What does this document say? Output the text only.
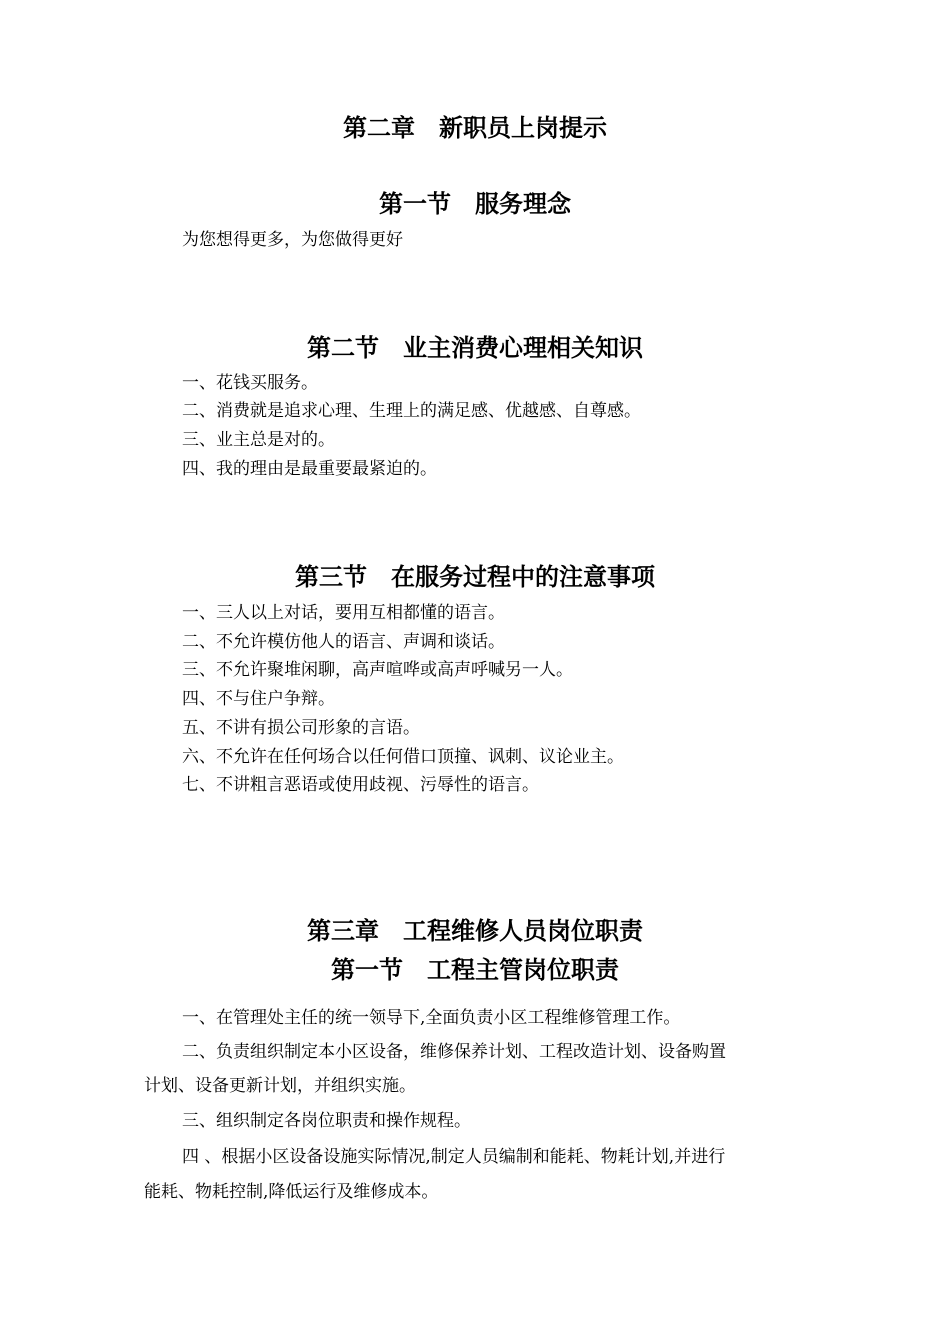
第二章　新职员上岗提示
第一节　服务理念
为您想得更多，为您做得更好
第二节　业主消费心理相关知识
一、花钱买服务。
二、消费就是追求心理、生理上的满足感、优越感、自尊感。
三、业主总是对的。
四、我的理由是最重要最紧迫的。
第三节　在服务过程中的注意事项
一、三人以上对话，要用互相都懂的语言。
二、不允许模仿他人的语言、声调和谈话。
三、不允许聚堆闲聊，高声喧哗或高声呼喊另一人。
四、不与住户争辩。
五、不讲有损公司形象的言语。
六、不允许在任何场合以任何借口顶撞、讽刺、议论业主。
七、不讲粗言恶语或使用歧视、污辱性的语言。
第三章　工程维修人员岗位职责
第一节　工程主管岗位职责
一、在管理处主任的统一领导下,全面负责小区工程维修管理工作。
二、负责组织制定本小区设备，维修保养计划、工程改造计划、设备购置
计划、设备更新计划，并组织实施。
三、组织制定各岗位职责和操作规程。
四 、根据小区设备设施实际情况,制定人员编制和能耗、物耗计划,并进行
能耗、物耗控制,降低运行及维修成本。
